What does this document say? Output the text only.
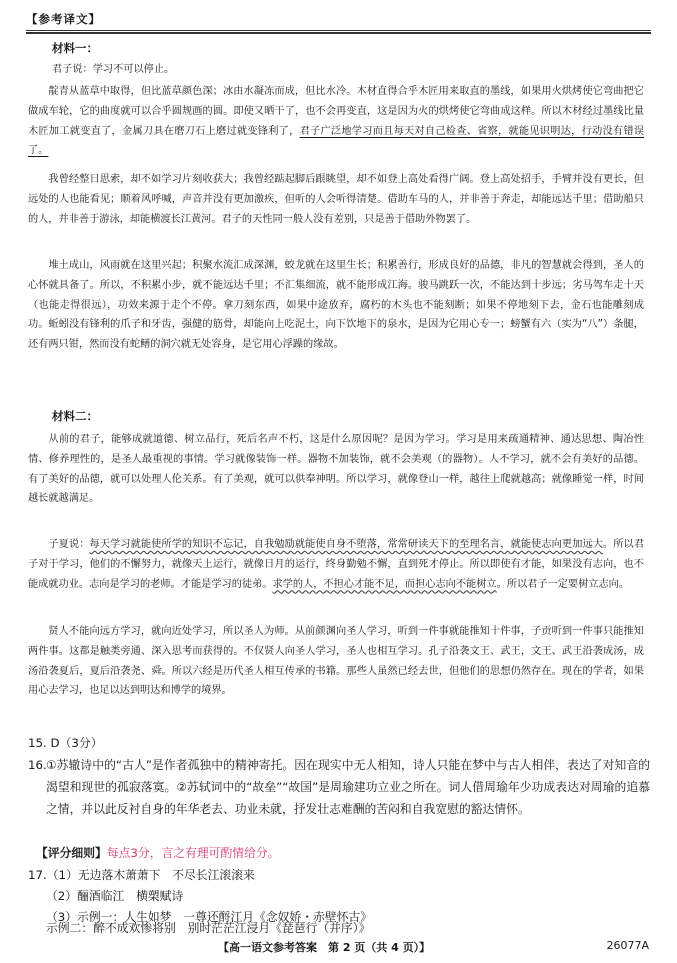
【参考译文】
材料一：
君子说：学习不可以停止。
靛青从蓝草中取得，但比蓝草颜色深；冰由水凝冻而成，但比水冷。木材直得合乎木匠用来取直的墨线，如果用火烘烤使它弯曲把它做成车轮，它的曲度就可以合乎圆规画的圆。即使又晒干了，也不会再变直，这是因为火的烘烤使它弯曲成这样。所以木材经过墨线比量木匠加工就变直了，金属刀具在磨刀石上磨过就变锋利了，君子广泛地学习而且每天对自己检查、省察，就能见识明达，行动没有错误了。
我曾经整日思索，却不如学习片刻收获大；我曾经踮起脚后跟眺望，却不如登上高处看得广阔。登上高处招手，手臂并没有更长，但远处的人也能看见；顺着风呼喊，声音并没有更加激疾，但听的人会听得清楚。借助车马的人，并非善于奔走，却能远达千里；借助船只的人，并非善于游泳，却能横渡长江黄河。君子的天性同一般人没有差别，只是善于借助外物罢了。
堆土成山，风雨就在这里兴起；积聚水流汇成深渊，蛟龙就在这里生长；积累善行，形成良好的品德，非凡的智慧就会得到，圣人的心怀就具备了。所以，不积累小步，就不能远达千里；不汇集细流，就不能形成江海。骏马跳跃一次，不能达到十步远；劣马驾车走十天（也能走得很远），功效来源于走个不停。拿刀刻东西，如果中途放弃，腐朽的木头也不能刻断；如果不停地刻下去，金石也能雕刻成功。蚯蚓没有锋利的爪子和牙齿，强健的筋骨，却能向上吃泥土，向下饮地下的泉水，是因为它用心专一；螃蟹有六（实为“八”）条腿，还有两只钳，然而没有蛇鳝的洞穴就无处容身，是它用心浮躁的缘故。
材料二：
从前的君子，能够成就道德、树立品行，死后名声不朽，这是什么原因呢？是因为学习。学习是用来疏通精神、通达思想、陶冶性情、修养理性的，是圣人最重视的事情。学习就像装饰一样。器物不加装饰，就不会美观（的器物）。人不学习，就不会有美好的品德。有了美好的品德，就可以处理人伦关系。有了美观，就可以供奉神明。所以学习，就像登山一样，越往上爬就越高；就像睡觉一样，时间越长就越满足。
子夏说：每天学习就能使所学的知识不忘记，自我勉励就能使自身不堕落，常常研读天下的至理名言，就能使志向更加远大。所以君子对于学习，他们的不懈努力，就像天上运行，就像日月的运行，终身勤勉不懈，直到死才停止。所以即使有才能，如果没有志向，也不能成就功业。志向是学习的老师。才能是学习的徒弟。求学的人，不担心才能不足，而担心志向不能树立。所以君子一定要树立志向。
贤人不能向远方学习，就向近处学习，所以圣人为师。从前颜渊向圣人学习，听到一件事就能推知十件事，子贡听到一件事只能推知两件事。这都是触类旁通、深入思考而获得的。不仅贤人向圣人学习，圣人也相互学习。孔子沿袭文王、武王，文王、武王沿袭成汤，成汤沿袭夏后，夏后沿袭尧、舜。所以六经是历代圣人相互传承的书籍。那些人虽然已经去世，但他们的思想仍然存在。现在的学者，如果用心去学习，也足以达到明达和博学的境界。
15. D（3分）
16. ①苏辙诗中的“古人”是作者孤独中的精神寄托。因在现实中无人相知，诗人只能在梦中与古人相伴，表达了对知音的渴望和现世的孤寂落寞。②苏轼词中的“故垒”“故国”是周瑜建功立业之所在。词人借周瑜年少功成表达对周瑜的追慕之情，并以此反衬自身的年华老去、功业未就，抒发壮志难酬的苦闷和自我宽慰的豁达情怀。
【评分细则】每点3分，言之有理可酌情给分。
17.（1）无边落木萧萧下　不尽长江滚滚来
（2）酾酒临江　横槊赋诗
（3）示例一：人生如梦　一尊还酹江月《念奴娇・赤壁怀古》
示例二：醉不成欢惨将别　别时茫茫江浸月《琵琶行（并序）》
【高一语文参考答案　第 2 页（共 4 页）】	26077A
